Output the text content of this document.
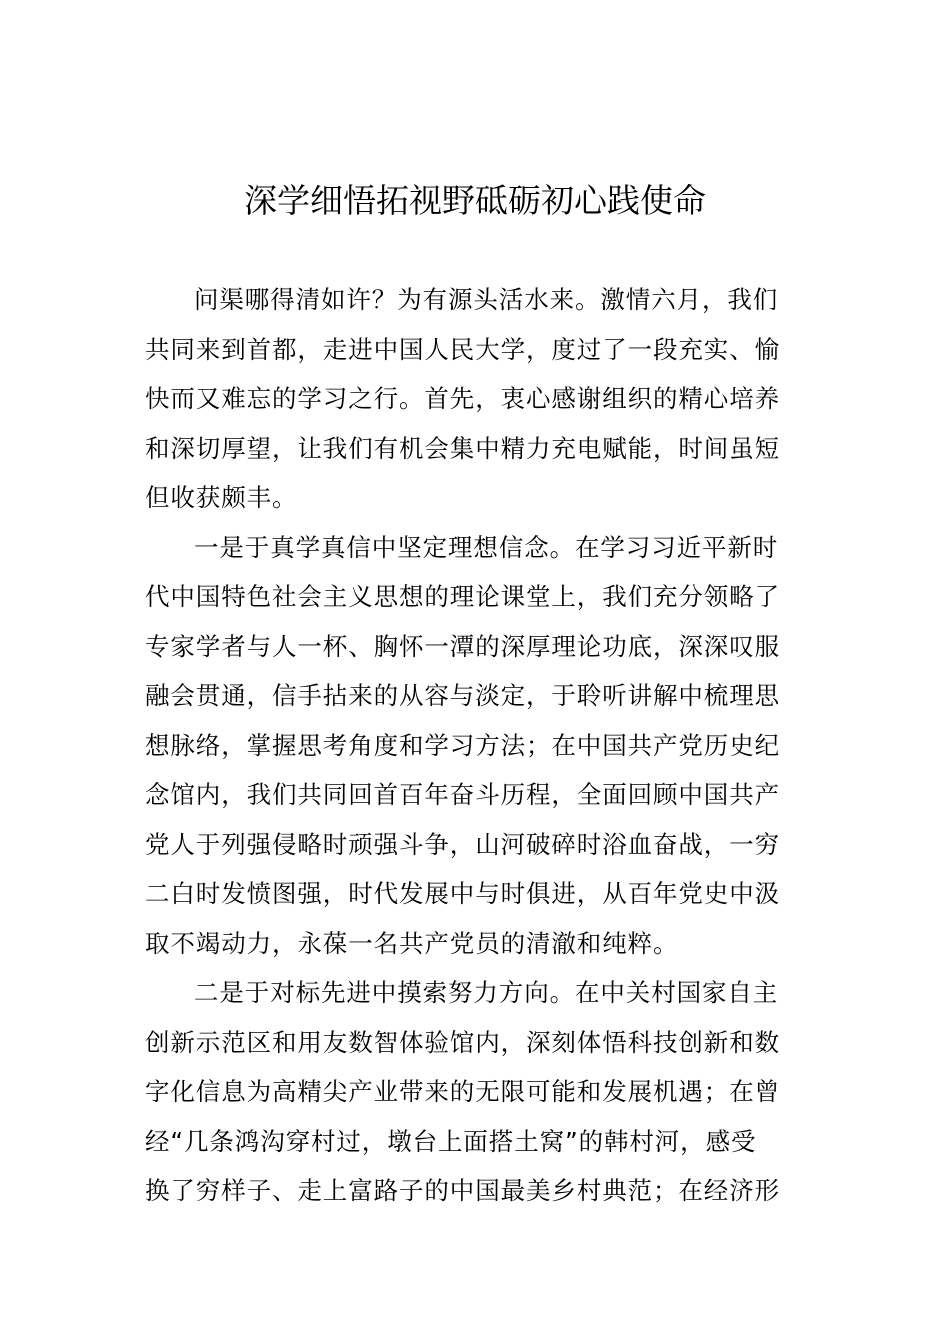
深学细悟拓视野砥砺初心践使命
问渠哪得清如许？为有源头活水来。激情六月，我们
共同来到首都，走进中国人民大学，度过了一段充实、愉
快而又难忘的学习之行。首先，衷心感谢组织的精心培养
和深切厚望，让我们有机会集中精力充电赋能，时间虽短
但收获颇丰。
一是于真学真信中坚定理想信念。在学习习近平新时
代中国特色社会主义思想的理论课堂上，我们充分领略了
专家学者与人一杯、胸怀一潭的深厚理论功底，深深叹服
融会贯通，信手拈来的从容与淡定，于聆听讲解中梳理思
想脉络，掌握思考角度和学习方法；在中国共产党历史纪
念馆内，我们共同回首百年奋斗历程，全面回顾中国共产
党人于列强侵略时顽强斗争，山河破碎时浴血奋战，一穷
二白时发愤图强，时代发展中与时俱进，从百年党史中汲
取不竭动力，永葆一名共产党员的清澈和纯粹。
二是于对标先进中摸索努力方向。在中关村国家自主
创新示范区和用友数智体验馆内，深刻体悟科技创新和数
字化信息为高精尖产业带来的无限可能和发展机遇；在曾
经“几条鸿沟穿村过，墩台上面搭土窝”的韩村河，感受
换了穷样子、走上富路子的中国最美乡村典范；在经济形
